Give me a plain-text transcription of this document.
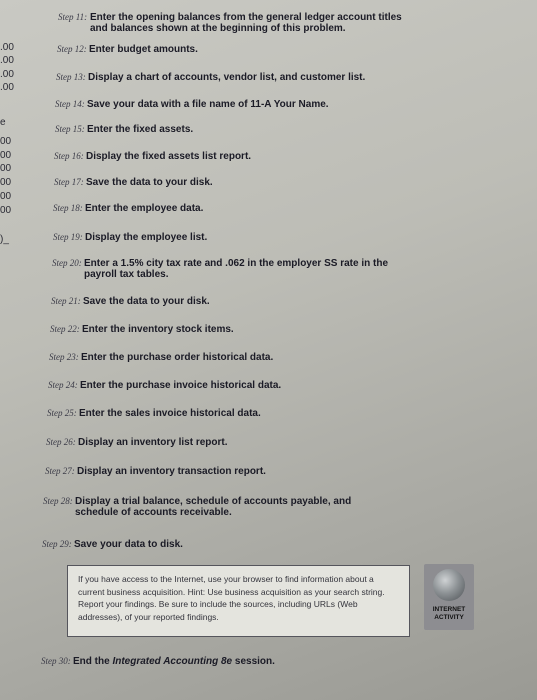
.00
.00
.00
.00
e
00
00
00
00
00
00
)_
Step 11: Enter the opening balances from the general ledger account titles and balances shown at the beginning of this problem.
Step 12: Enter budget amounts.
Step 13: Display a chart of accounts, vendor list, and customer list.
Step 14: Save your data with a file name of 11-A Your Name.
Step 15: Enter the fixed assets.
Step 16: Display the fixed assets list report.
Step 17: Save the data to your disk.
Step 18: Enter the employee data.
Step 19: Display the employee list.
Step 20: Enter a 1.5% city tax rate and .062 in the employer SS rate in the payroll tax tables.
Step 21: Save the data to your disk.
Step 22: Enter the inventory stock items.
Step 23: Enter the purchase order historical data.
Step 24: Enter the purchase invoice historical data.
Step 25: Enter the sales invoice historical data.
Step 26: Display an inventory list report.
Step 27: Display an inventory transaction report.
Step 28: Display a trial balance, schedule of accounts payable, and schedule of accounts receivable.
Step 29: Save your data to disk.
If you have access to the Internet, use your browser to find information about a current business acquisition. Hint: Use business acquisition as your search string. Report your findings. Be sure to include the sources, including URLs (Web addresses), of your reported findings.
INTERNET
ACTIVITY
Step 30: End the Integrated Accounting 8e session.
